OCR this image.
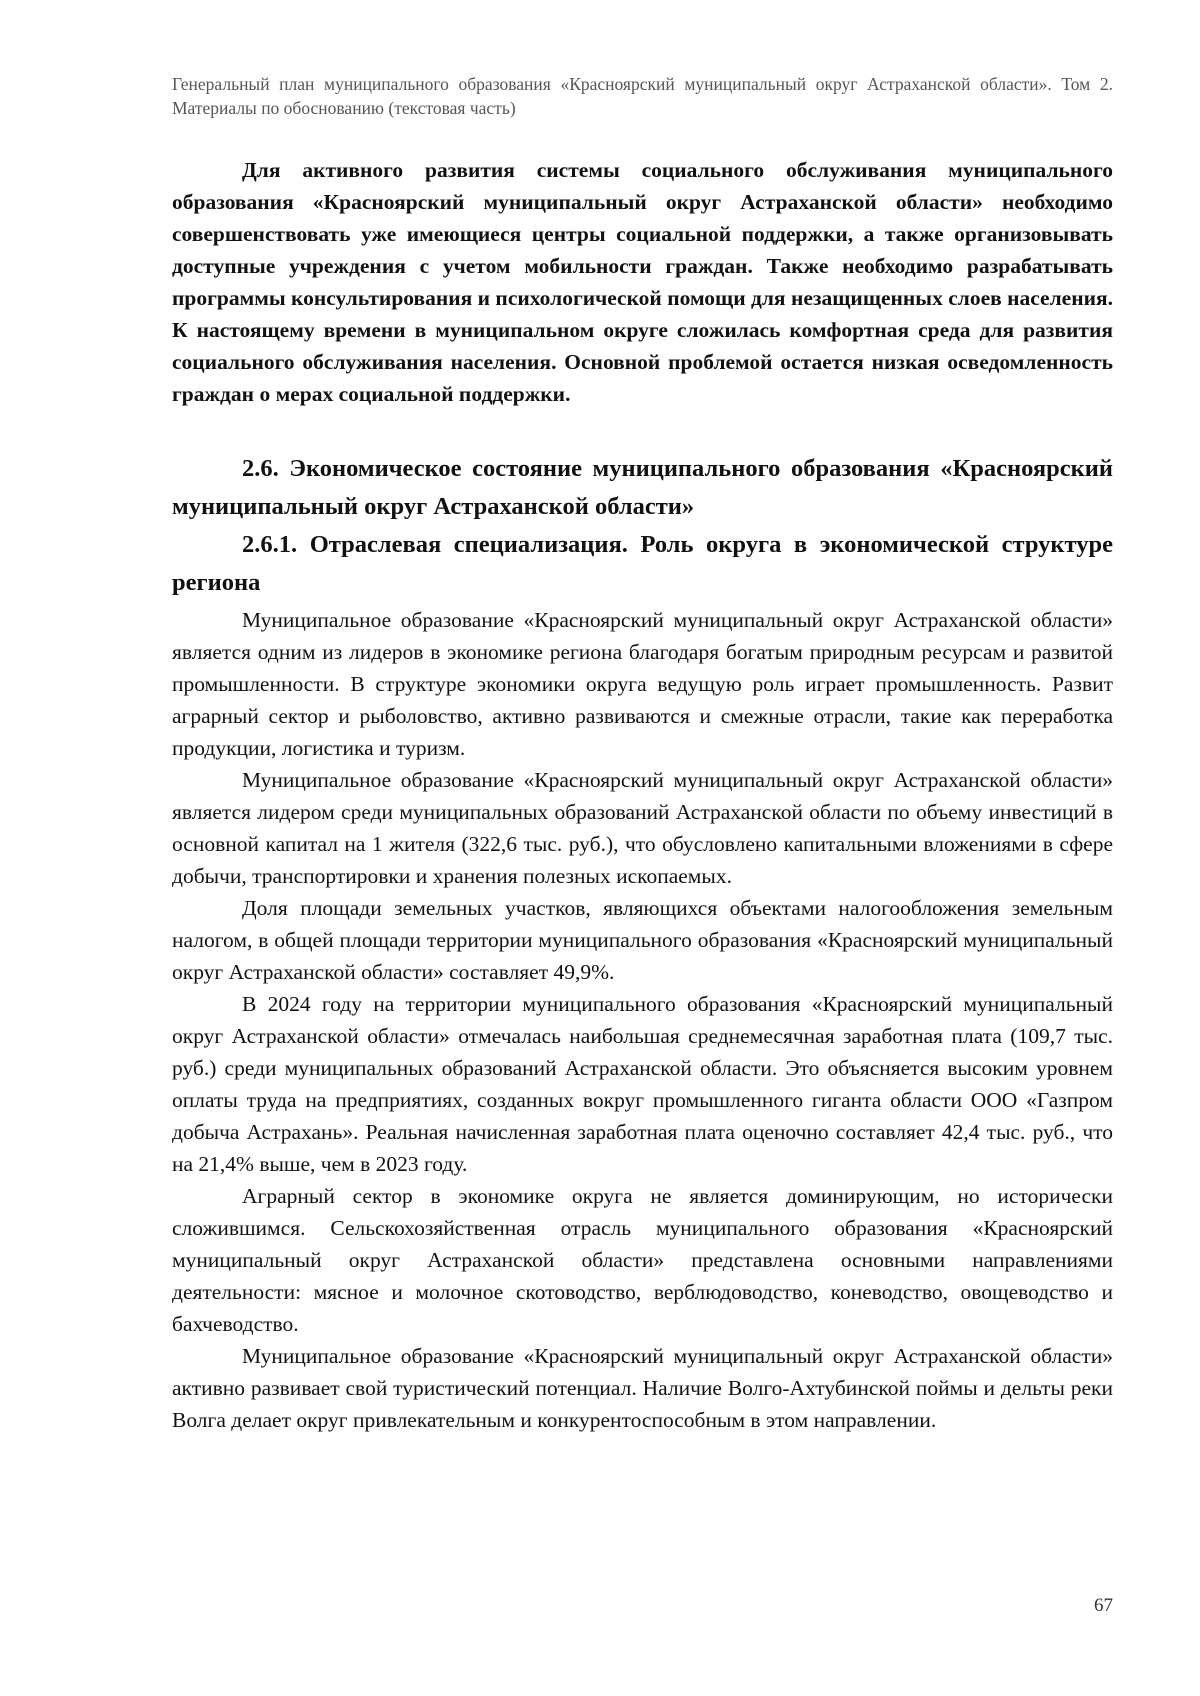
Генеральный план муниципального образования «Красноярский муниципальный округ Астраханской области». Том 2. Материалы по обоснованию (текстовая часть)

Для активного развития системы социального обслуживания муниципального образования «Красноярский муниципальный округ Астраханской области» необходимо совершенствовать уже имеющиеся центры социальной поддержки, а также организовывать доступные учреждения с учетом мобильности граждан. Также необходимо разрабатывать программы консультирования и психологической помощи для незащищенных слоев населения. К настоящему времени в муниципальном округе сложилась комфортная среда для развития социального обслуживания населения. Основной проблемой остается низкая осведомленность граждан о мерах социальной поддержки.

2.6. Экономическое состояние муниципального образования «Красноярский муниципальный округ Астраханской области»

2.6.1. Отраслевая специализация. Роль округа в экономической структуре региона

Муниципальное образование «Красноярский муниципальный округ Астраханской области» является одним из лидеров в экономике региона благодаря богатым природным ресурсам и развитой промышленности. В структуре экономики округа ведущую роль играет промышленность. Развит аграрный сектор и рыболовство, активно развиваются и смежные отрасли, такие как переработка продукции, логистика и туризм.

Муниципальное образование «Красноярский муниципальный округ Астраханской области» является лидером среди муниципальных образований Астраханской области по объему инвестиций в основной капитал на 1 жителя (322,6 тыс. руб.), что обусловлено капитальными вложениями в сфере добычи, транспортировки и хранения полезных ископаемых.

Доля площади земельных участков, являющихся объектами налогообложения земельным налогом, в общей площади территории муниципального образования «Красноярский муниципальный округ Астраханской области» составляет 49,9%.

В 2024 году на территории муниципального образования «Красноярский муниципальный округ Астраханской области» отмечалась наибольшая среднемесячная заработная плата (109,7 тыс. руб.) среди муниципальных образований Астраханской области. Это объясняется высоким уровнем оплаты труда на предприятиях, созданных вокруг промышленного гиганта области ООО «Газпром добыча Астрахань». Реальная начисленная заработная плата оценочно составляет 42,4 тыс. руб., что на 21,4% выше, чем в 2023 году.

Аграрный сектор в экономике округа не является доминирующим, но исторически сложившимся. Сельскохозяйственная отрасль муниципального образования «Красноярский муниципальный округ Астраханской области» представлена основными направлениями деятельности: мясное и молочное скотоводство, верблюдоводство, коневодство, овощеводство и бахчеводство.

Муниципальное образование «Красноярский муниципальный округ Астраханской области» активно развивает свой туристический потенциал. Наличие Волго-Ахтубинской поймы и дельты реки Волга делает округ привлекательным и конкурентоспособным в этом направлении.

67
